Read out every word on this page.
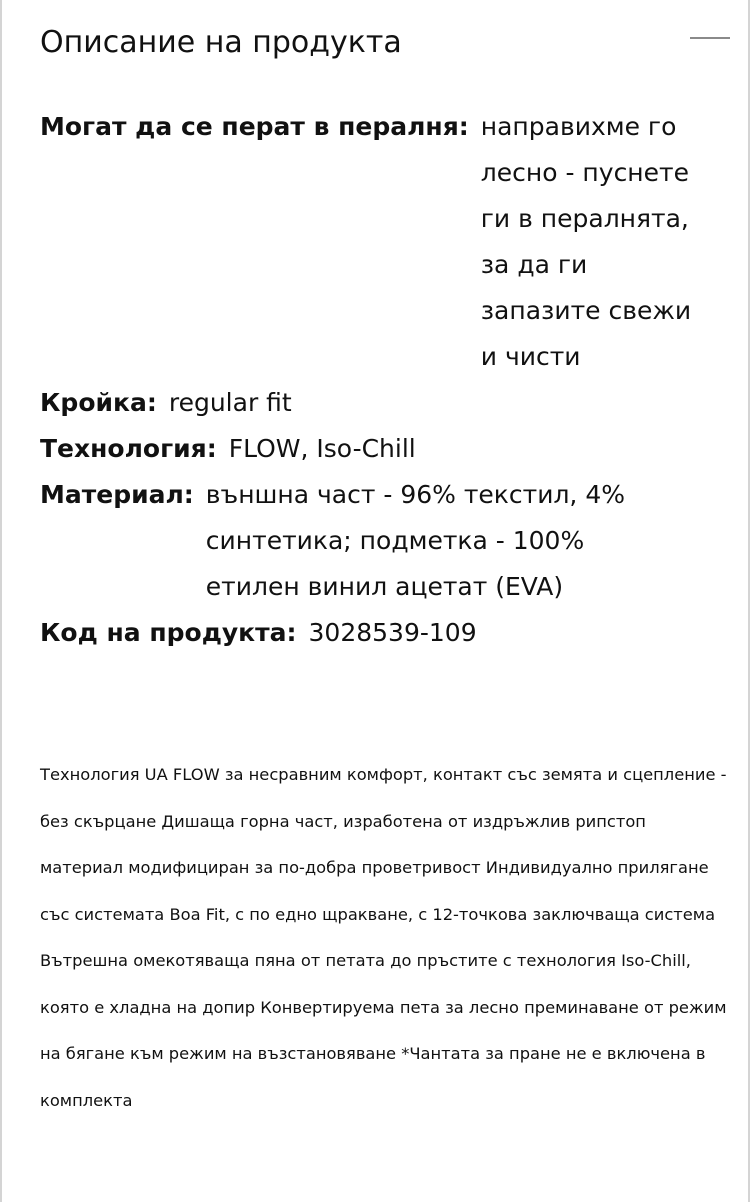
Описание на продукта
Могат да се перат в пералня: направихме го лесно - пуснете ги в пералнята, за да ги запазите свежи и чисти
Кройка: regular fit
Технология: FLOW, Iso-Chill
Материал: външна част - 96% текстил, 4% синтетика; подметка - 100% етилен винил ацетат (EVA)
Код на продукта: 3028539-109

Технология UA FLOW за несравним комфорт, контакт със земята и сцепление - без скърцане Дишаща горна част, изработена от издръжлив рипстоп материал модифициран за по-добра проветривост Индивидуално прилягане със системата Boa Fit, с по едно щракване, с 12-точкова заключваща система Вътрешна омекотяваща пяна от петата до пръстите с технология Iso-Chill, която е хладна на допир Конвертируема пета за лесно преминаване от режим на бягане към режим на възстановяване *Чантата за пране не е включена в комплекта
